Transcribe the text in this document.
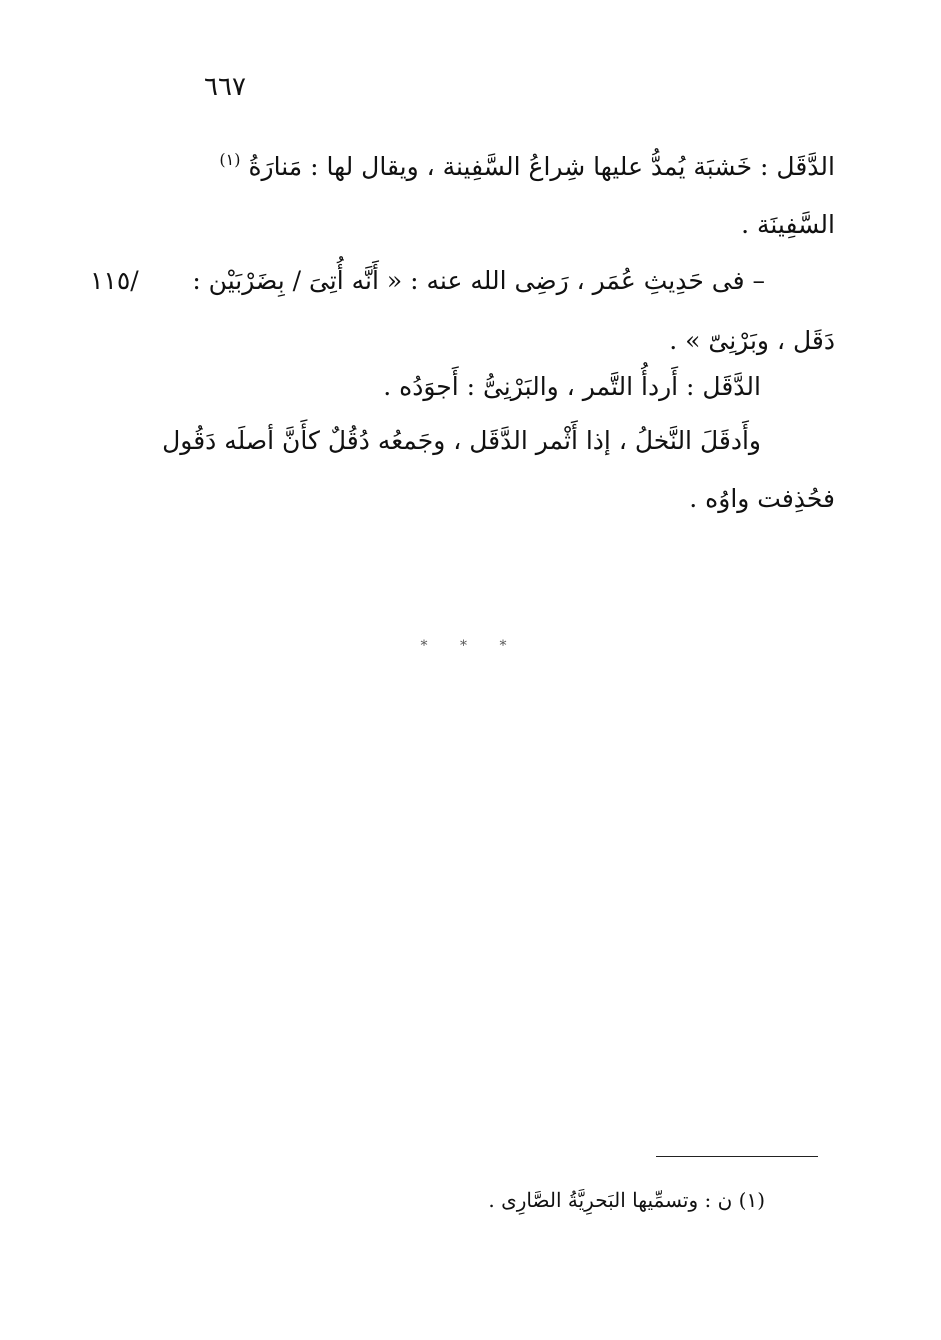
٦٦٧
الدَّقَل : خَشبَة يُمدُّ عليها شِراعُ السَّفِينة ، ويقال لها : مَنارَةُ $^{(١)}$
السَّفِينَة .
– فى حَدِيثِ عُمَر ، رَضِى الله عنه : « أَنَّه أُتِىَ / بِضَرْبَيْن :
١١٥/
دَقَل ، وبَرْنِىّ » .
الدَّقَل : أَردأُ التَّمر ، والبَرْنِىُّ : أَجوَدُه .
وأَدقَلَ النَّخلُ ، إذا أَثْمر الدَّقَل ، وجَمعُه دُقُلٌ كأَنَّ أصلَه دَقُول
فحُذِفت واوُه .
* * *
(١) ن : وتسمِّيها البَحرِيَّةُ الصَّارِى .
